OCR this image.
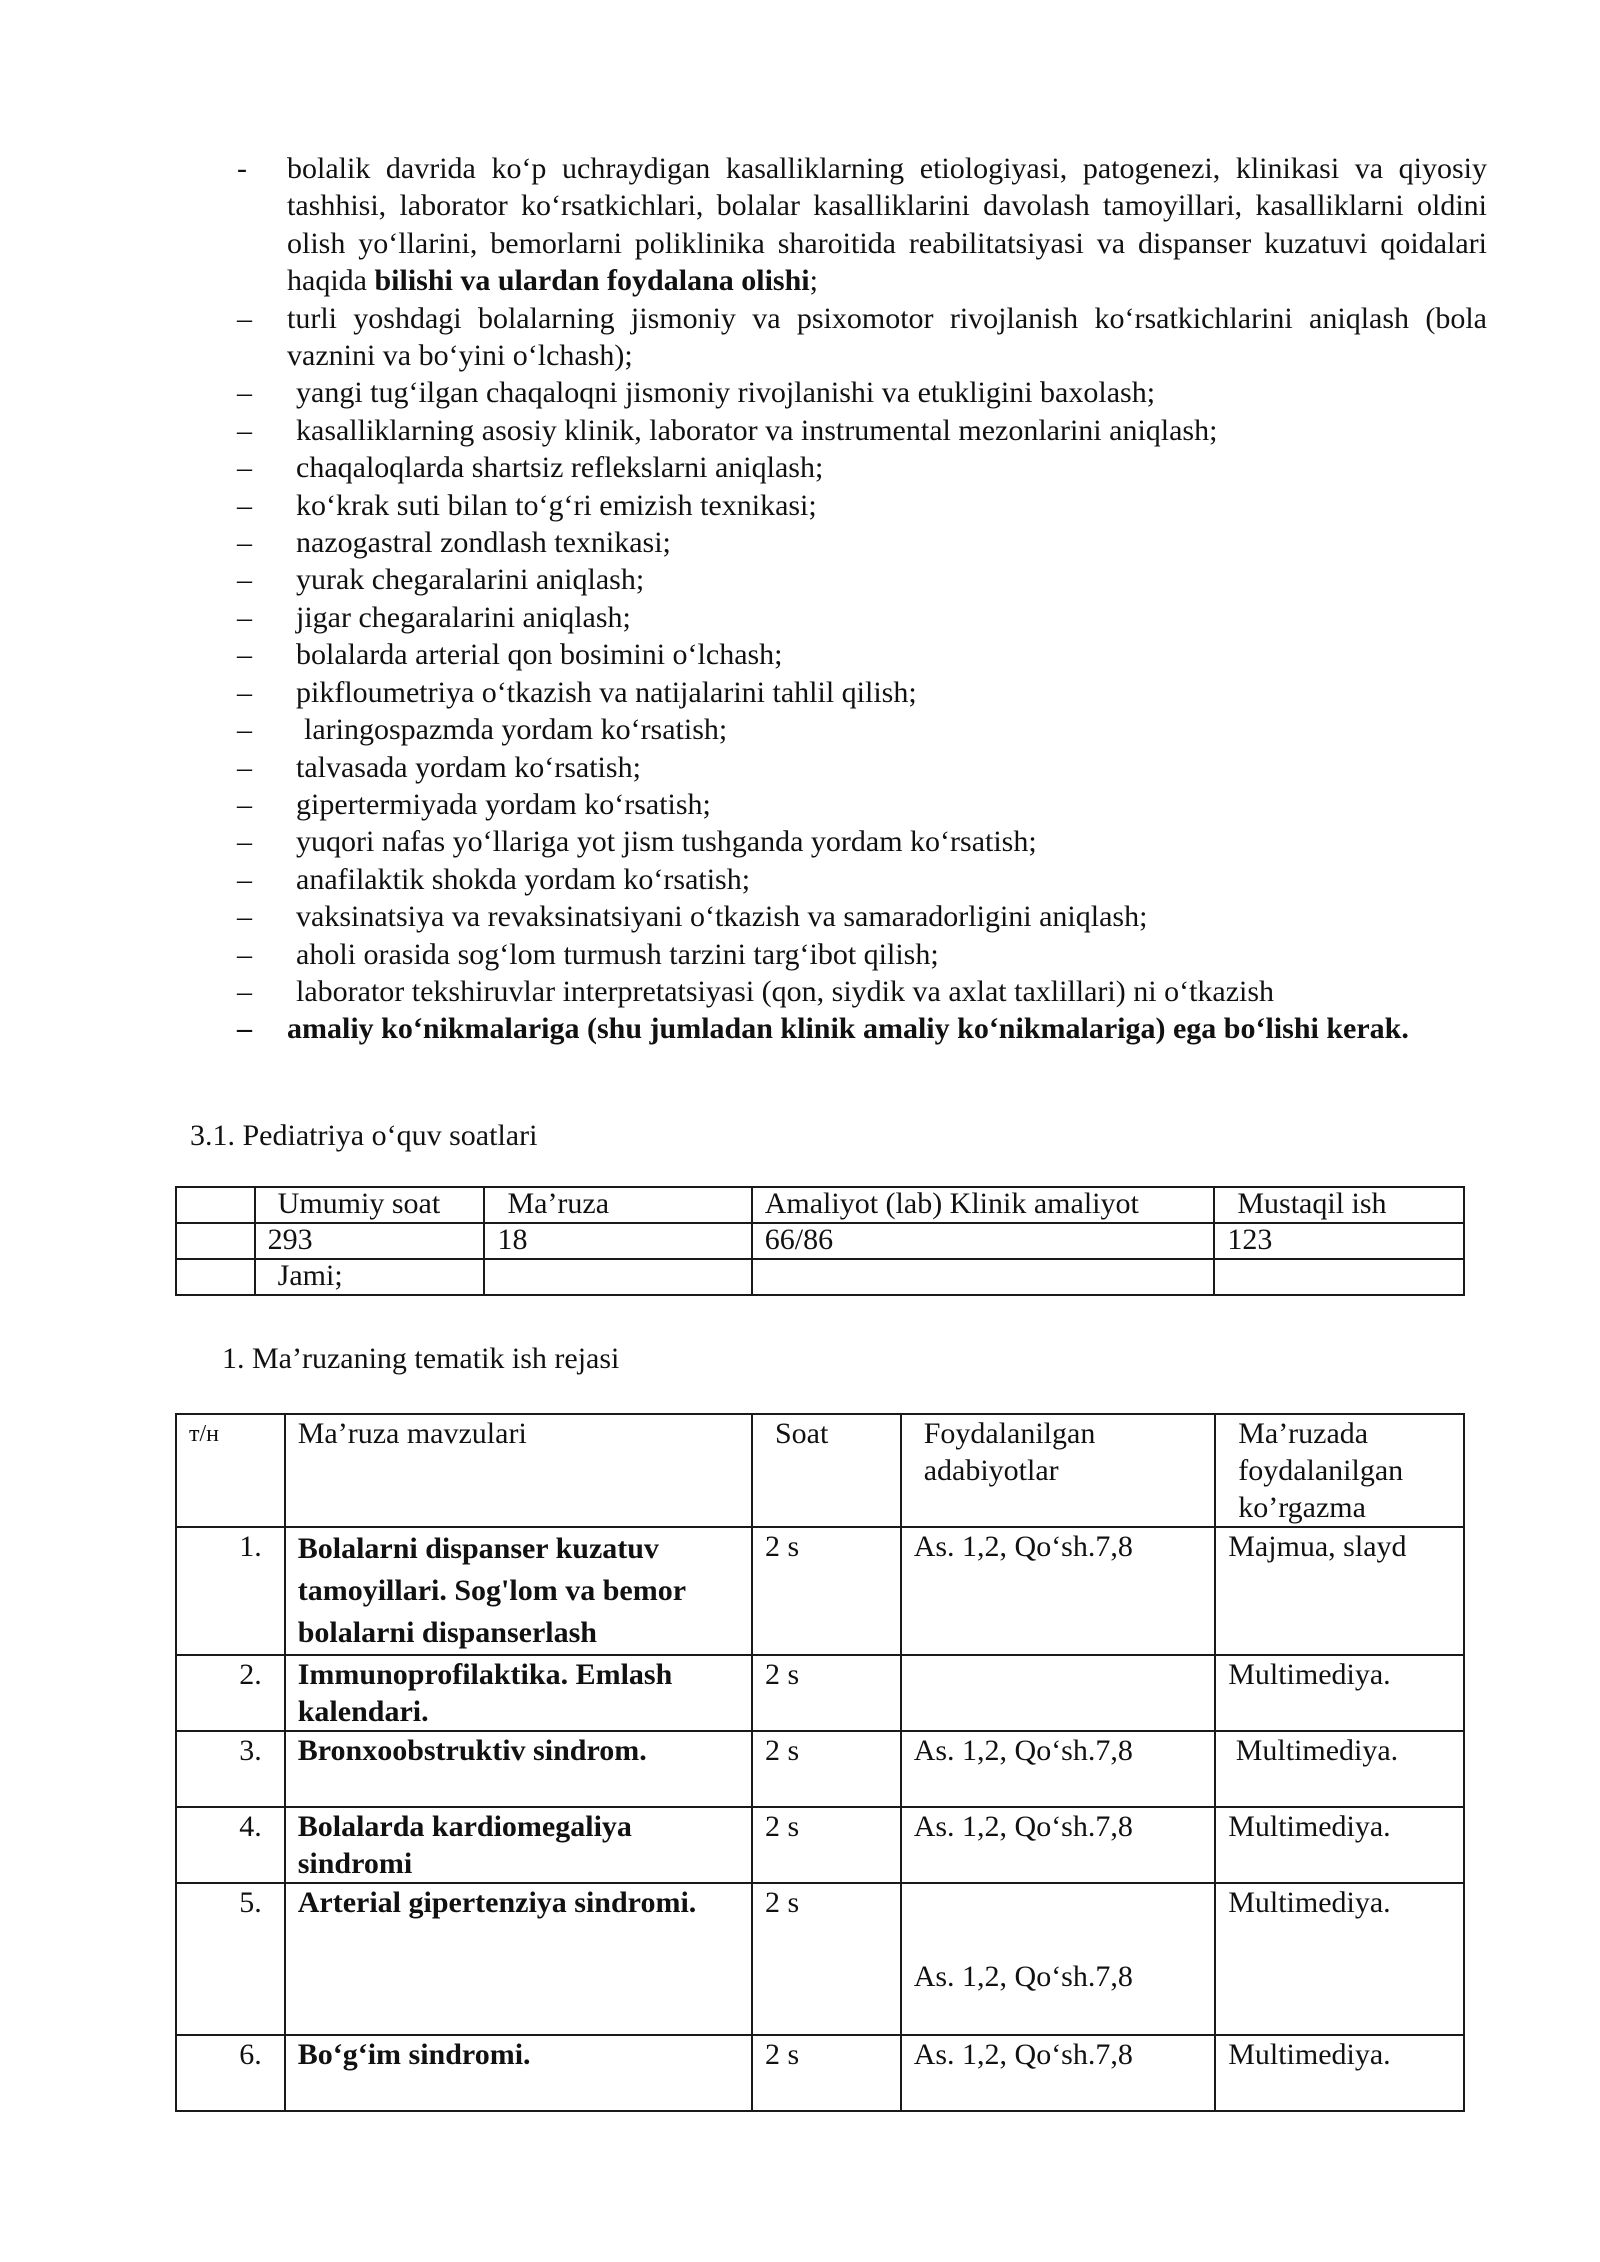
- bolalik davrida koʻp uchraydigan kasalliklarning etiologiyasi, patogenezi, klinikasi va qiyosiy tashhisi, laborator koʻrsatkichlari, bolalar kasalliklarini davolash tamoyillari, kasalliklarni oldini olish yoʻllarini, bemorlarni poliklinika sharoitida reabilitatsiyasi va dispanser kuzatuvi qoidalari haqida bilishi va ulardan foydalana olishi;
– turli yoshdagi bolalarning jismoniy va psixomotor rivojlanish koʻrsatkichlarini aniqlash (bola vaznini va boʻyini oʻlchash);
–	yangi tugʻilgan chaqaloqni jismoniy rivojlanishi va etukligini baxolash;
–	kasalliklarning asosiy klinik, laborator va instrumental mezonlarini aniqlash;
–	chaqaloqlarda shartsiz reflekslarni aniqlash;
–	koʻkrak suti bilan toʻgʻri emizish texnikasi;
–	nazogastral zondlash texnikasi;
–	yurak chegaralarini aniqlash;
–	jigar chegaralarini aniqlash;
–	bolalarda arterial qon bosimini oʻlchash;
–	pikfloumetriya oʻtkazish va natijalarini tahlil qilish;
–	laringospazmda yordam koʻrsatish;
–	talvasada yordam koʻrsatish;
–	gipertermiyada yordam koʻrsatish;
–	yuqori nafas yoʻllariga yot jism tushganda yordam koʻrsatish;
–	anafilaktik shokda yordam koʻrsatish;
–	vaksinatsiya va revaksinatsiyani oʻtkazish va samaradorligini aniqlash;
–	aholi orasida sogʻlom turmush tarzini targʻibot qilish;
–	laborator tekshiruvlar interpretatsiyasi (qon, siydik va axlat taxlillari) ni oʻtkazish
– amaliy koʻnikmalariga (shu jumladan klinik amaliy koʻnikmalariga) ega boʻlishi kerak.
3.1. Pediatriya oʻquv soatlari
	Umumiy soat	Ma’ruza	Amaliyot (lab) Klinik amaliyot	Mustaqil ish
	293	18	66/86	123
	Jami;			
1. Ma’ruzaning tematik ish rejasi
т/н	Ma’ruza mavzulari	Soat	Foydalanilgan adabiyotlar	Ma’ruzada foydalanilgan ko’rgazma
1.	Bolalarni dispanser kuzatuv tamoyillari. Sog'lom va bemor bolalarni dispanserlash	2 s	As. 1,2, Qoʻsh.7,8	Majmua, slayd
2.	Immunoprofilaktika. Emlash kalendari.	2 s		Multimediya.
3.	Bronxoobstruktiv sindrom.	2 s	As. 1,2, Qoʻsh.7,8	Multimediya.
4.	Bolalarda kardiomegaliya sindromi	2 s	As. 1,2, Qoʻsh.7,8	Multimediya.
5.	Arterial gipertenziya sindromi.	2 s	As. 1,2, Qoʻsh.7,8	Multimediya.
6.	Boʻgʻim sindromi.	2 s	As. 1,2, Qoʻsh.7,8	Multimediya.
